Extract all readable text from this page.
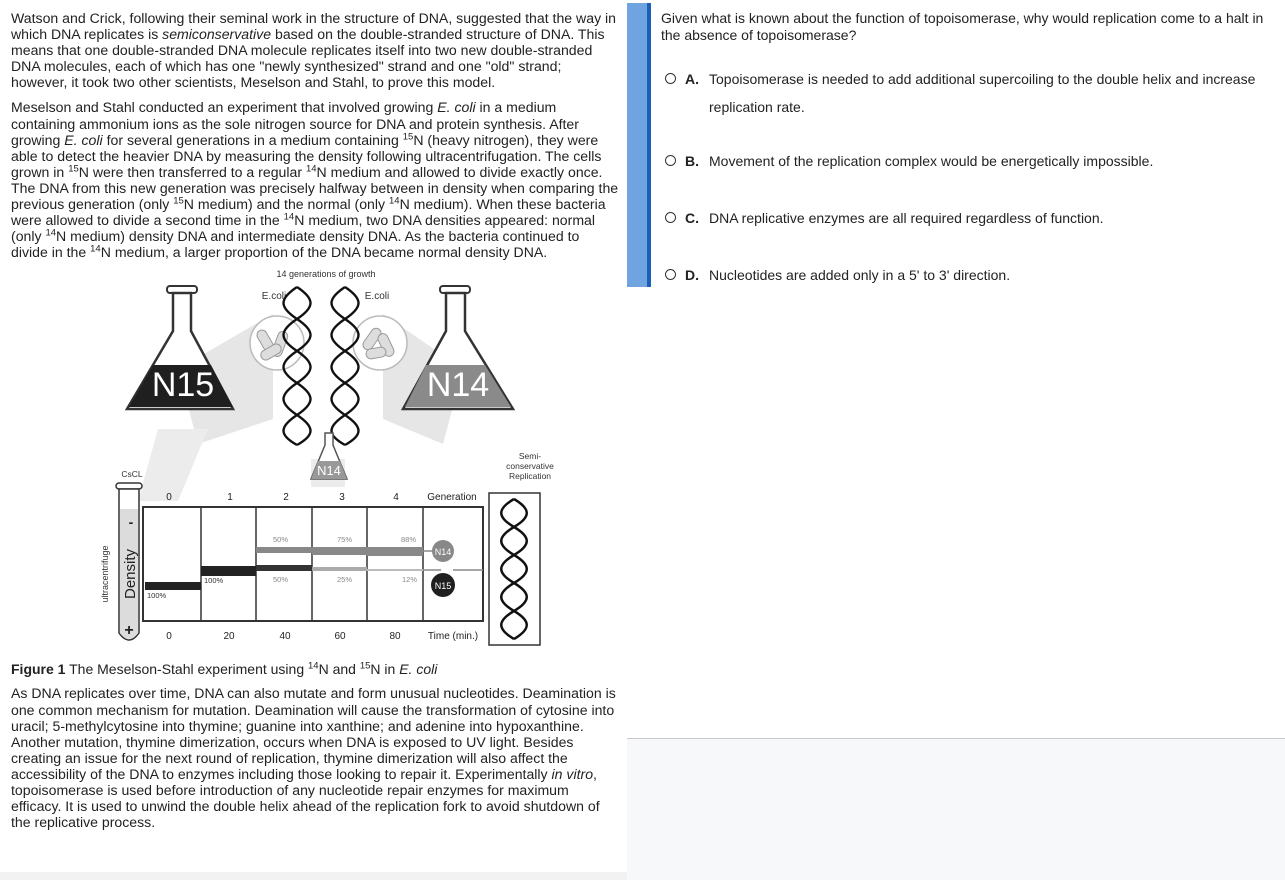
Watson and Crick, following their seminal work in the structure of DNA, suggested that the way in which DNA replicates is semiconservative based on the double-stranded structure of DNA. This means that one double-stranded DNA molecule replicates itself into two new double-stranded DNA molecules, each of which has one "newly synthesized" strand and one "old" strand; however, it took two other scientists, Meselson and Stahl, to prove this model.

Meselson and Stahl conducted an experiment that involved growing E. coli in a medium containing ammonium ions as the sole nitrogen source for DNA and protein synthesis. After growing E. coli for several generations in a medium containing $^{15}$N (heavy nitrogen), they were able to detect the heavier DNA by measuring the density following ultracentrifugation. The cells grown in $^{15}$N were then transferred to a regular $^{14}$N medium and allowed to divide exactly once. The DNA from this new generation was precisely halfway between in density when comparing the previous generation (only $^{15}$N medium) and the normal (only $^{14}$N medium). When these bacteria were allowed to divide a second time in the $^{14}$N medium, two DNA densities appeared: normal (only $^{14}$N medium) density DNA and intermediate density DNA. As the bacteria continued to divide in the $^{14}$N medium, a larger proportion of the DNA became normal density DNA.

14 generations of growth
E.coli	E.coli
N15	N14
N14
Semi-
conservative
Replication
CsCL
-
+
Density
ultracentrifuge
0	1	2	3	4	Generation
50%	75%	88%
100%
100%	50%	25%	12%
N14
N15
0	20	40	60	80	Time (min.)

Figure 1 The Meselson-Stahl experiment using $^{14}$N and $^{15}$N in E. coli

As DNA replicates over time, DNA can also mutate and form unusual nucleotides. Deamination is one common mechanism for mutation. Deamination will cause the transformation of cytosine into uracil; 5-methylcytosine into thymine; guanine into xanthine; and adenine into hypoxanthine. Another mutation, thymine dimerization, occurs when DNA is exposed to UV light. Besides creating an issue for the next round of replication, thymine dimerization will also affect the accessibility of the DNA to enzymes including those looking to repair it. Experimentally in vitro, topoisomerase is used before introduction of any nucleotide repair enzymes for maximum efficacy. It is used to unwind the double helix ahead of the replication fork to avoid shutdown of the replicative process.

Given what is known about the function of topoisomerase, why would replication come to a halt in the absence of topoisomerase?

A. Topoisomerase is needed to add additional supercoiling to the double helix and increase replication rate.
B. Movement of the replication complex would be energetically impossible.
C. DNA replicative enzymes are all required regardless of function.
D. Nucleotides are added only in a 5' to 3' direction.
